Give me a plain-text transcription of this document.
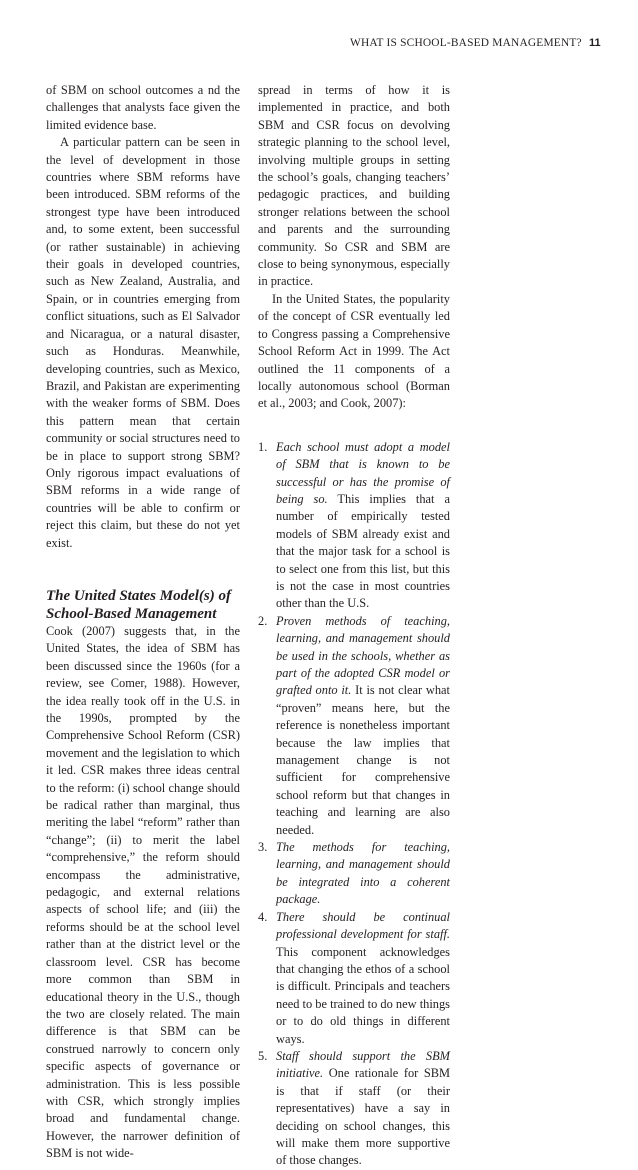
WHAT IS SCHOOL-BASED MANAGEMENT? 11

of SBM on school outcomes a nd the challenges that analysts face given the limited evidence base.

A particular pattern can be seen in the level of development in those countries where SBM reforms have been introduced. SBM reforms of the strongest type have been introduced and, to some extent, been successful (or rather sustainable) in achieving their goals in developed countries, such as New Zealand, Australia, and Spain, or in countries emerging from conflict situations, such as El Salvador and Nicaragua, or a natural disaster, such as Honduras. Meanwhile, developing countries, such as Mexico, Brazil, and Pakistan are experimenting with the weaker forms of SBM. Does this pattern mean that certain community or social structures need to be in place to support strong SBM? Only rigorous impact evaluations of SBM reforms in a wide range of countries will be able to confirm or reject this claim, but these do not yet exist.

The United States Model(s) of School-Based Management

Cook (2007) suggests that, in the United States, the idea of SBM has been discussed since the 1960s (for a review, see Comer, 1988). However, the idea really took off in the U.S. in the 1990s, prompted by the Comprehensive School Reform (CSR) movement and the legislation to which it led. CSR makes three ideas central to the reform: (i) school change should be radical rather than marginal, thus meriting the label “reform” rather than “change”; (ii) to merit the label “comprehensive,” the reform should encompass the administrative, pedagogic, and external relations aspects of school life; and (iii) the reforms should be at the school level rather than at the district level or the classroom level. CSR has become more common than SBM in educational theory in the U.S., though the two are closely related. The main difference is that SBM can be construed narrowly to concern only specific aspects of governance or administration. This is less possible with CSR, which strongly implies broad and fundamental change. However, the narrower definition of SBM is not wide-

spread in terms of how it is implemented in practice, and both SBM and CSR focus on devolving strategic planning to the school level, involving multiple groups in setting the school’s goals, changing teachers’ pedagogic practices, and building stronger relations between the school and parents and the surrounding community. So CSR and SBM are close to being synonymous, especially in practice.

In the United States, the popularity of the concept of CSR eventually led to Congress passing a Comprehensive School Reform Act in 1999. The Act outlined the 11 components of a locally autonomous school (Borman et al., 2003; and Cook, 2007):

1. Each school must adopt a model of SBM that is known to be successful or has the promise of being so. This implies that a number of empirically tested models of SBM already exist and that the major task for a school is to select one from this list, but this is not the case in most countries other than the U.S.
2. Proven methods of teaching, learning, and management should be used in the schools, whether as part of the adopted CSR model or grafted onto it. It is not clear what “proven” means here, but the reference is nonetheless important because the law implies that management change is not sufficient for comprehensive school reform but that changes in teaching and learning are also needed.
3. The methods for teaching, learning, and management should be integrated into a coherent package.
4. There should be continual professional development for staff. This component acknowledges that changing the ethos of a school is difficult. Principals and teachers need to be trained to do new things or to do old things in different ways.
5. Staff should support the SBM initiative. One rationale for SBM is that if staff (or their representatives) have a say in deciding on school changes, this will make them more supportive of those changes.
